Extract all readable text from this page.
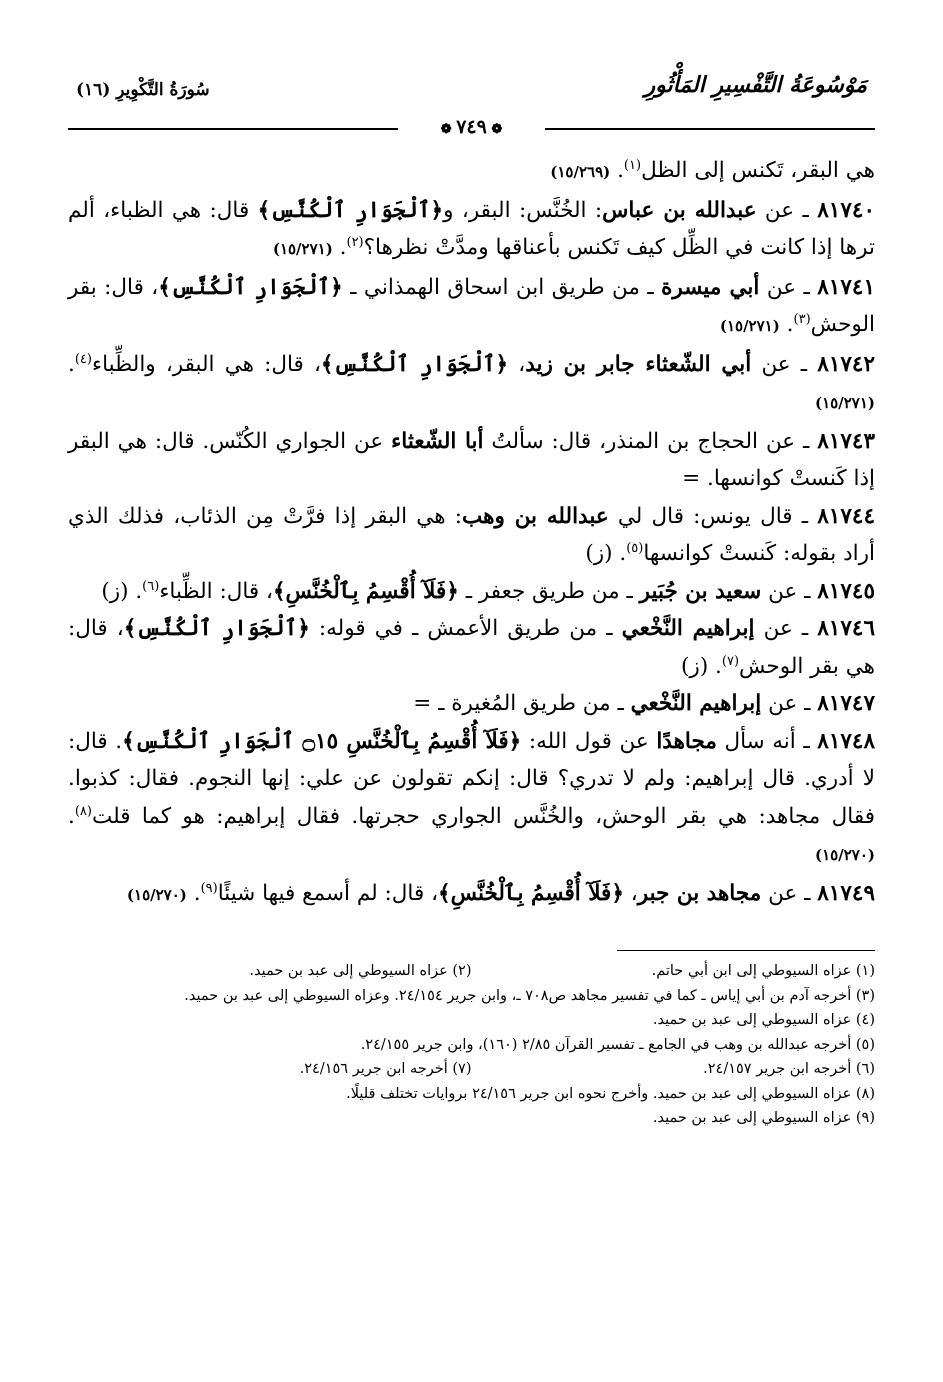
مَوْسُوعَةُ التَّفْسِيرِ المَأْثُورِ
سُورَةُ التَّكْوِيرِ (١٦)
❁ ٧٤٩ ❁

هي البقر، تَكنس إلى الظل$^{(١)}$. (١٥/٢٦٩)

٨١٧٤٠ ـ عن عبدالله بن عباس: الخُنَّس: البقر، و﴿ٱلْجَوَارِ ٱلْكُنَّسِ﴾ قال: هي الظباء، ألم ترها إذا كانت في الظِّل كيف تَكنس بأعناقها ومدَّتْ نظرها؟$^{(٢)}$. (١٥/٢٧١)

٨١٧٤١ ـ عن أبي ميسرة ـ من طريق ابن اسحاق الهمذاني ـ ﴿ٱلْجَوَارِ ٱلْكُنَّسِ﴾، قال: بقر الوحش$^{(٣)}$. (١٥/٢٧١)

٨١٧٤٢ ـ عن أبي الشّعثاء جابر بن زيد، ﴿ٱلْجَوَارِ ٱلْكُنَّسِ﴾، قال: هي البقر، والظِّباء$^{(٤)}$. (١٥/٢٧١)

٨١٧٤٣ ـ عن الحجاج بن المنذر، قال: سألتُ أبا الشّعثاء عن الجواري الكُنّس. قال: هي البقر إذا كَنستْ كوانسها. =

٨١٧٤٤ ـ قال يونس: قال لي عبدالله بن وهب: هي البقر إذا فرَّتْ مِن الذئاب، فذلك الذي أراد بقوله: كَنستْ كوانسها$^{(٥)}$. (ز)

٨١٧٤٥ ـ عن سعيد بن جُبَير ـ من طريق جعفر ـ ﴿فَلَآ أُقْسِمُ بِٱلْخُنَّسِ﴾، قال: الظِّباء$^{(٦)}$. (ز)

٨١٧٤٦ ـ عن إبراهيم النَّخْعي ـ من طريق الأعمش ـ في قوله: ﴿ٱلْجَوَارِ ٱلْكُنَّسِ﴾، قال: هي بقر الوحش$^{(٧)}$. (ز)

٨١٧٤٧ ـ عن إبراهيم النَّخْعي ـ من طريق المُغيرة ـ =

٨١٧٤٨ ـ أنه سأل مجاهدًا عن قول الله: ﴿فَلَآ أُقْسِمُ بِٱلْخُنَّسِ ۝١٥ ٱلْجَوَارِ ٱلْكُنَّسِ﴾. قال: لا أدري. قال إبراهيم: ولم لا تدري؟ قال: إنكم تقولون عن علي: إنها النجوم. فقال: كذبوا. فقال مجاهد: هي بقر الوحش، والخُنَّس الجواري حجرتها. فقال إبراهيم: هو كما قلت$^{(٨)}$. (١٥/٢٧٠)

٨١٧٤٩ ـ عن مجاهد بن جبر، ﴿فَلَآ أُقْسِمُ بِٱلْخُنَّسِ﴾، قال: لم أسمع فيها شيئًا$^{(٩)}$. (١٥/٢٧٠)

(١) عزاه السيوطي إلى ابن أبي حاتم.

(٢) عزاه السيوطي إلى عبد بن حميد.

(٣) أخرجه آدم بن أبي إياس ـ كما في تفسير مجاهد ص٧٠٨ ـ، وابن جرير ٢٤/١٥٤. وعزاه السيوطي إلى عبد بن حميد.

(٤) عزاه السيوطي إلى عبد بن حميد.

(٥) أخرجه عبدالله بن وهب في الجامع ـ تفسير القرآن ٢/٨٥ (١٦٠)، وابن جرير ٢٤/١٥٥.

(٦) أخرجه ابن جرير ٢٤/١٥٧.

(٧) أخرجه ابن جرير ٢٤/١٥٦.

(٨) عزاه السيوطي إلى عبد بن حميد. وأخرج نحوه ابن جرير ٢٤/١٥٦ بروايات تختلف قليلًا.

(٩) عزاه السيوطي إلى عبد بن حميد.
